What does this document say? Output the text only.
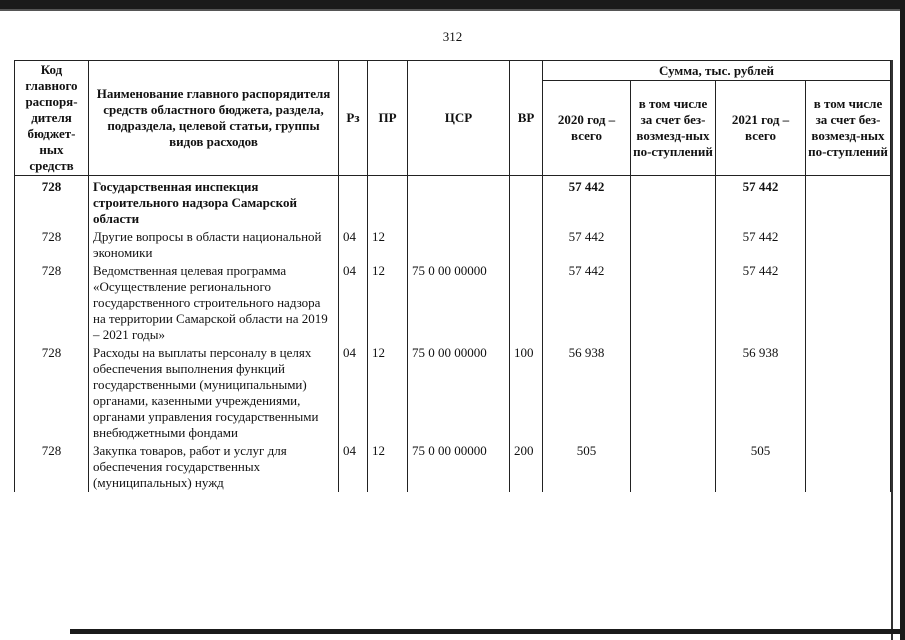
312
Код главного распоря-дителя бюджет-ных средств	Наименование главного распорядителя средств областного бюджета, раздела, подраздела, целевой статьи, группы видов расходов	Рз	ПР	ЦСР	ВР	Сумма, тыс. рублей			
						2020 год – всего	в том числе за счет без-возмезд-ных по-ступлений	2021 год – всего	в том числе за счет без-возмезд-ных по-ступлений
728	Государственная инспекция строительного надзора Самарской области					57 442		57 442	
728	Другие вопросы в области национальной экономики	04	12			57 442		57 442	
728	Ведомственная целевая программа «Осуществление регионального государственного строительного надзора на территории Самарской области на 2019 – 2021 годы»	04	12	75 0 00 00000		57 442		57 442	
728	Расходы на выплаты персоналу в целях обеспечения выполнения функций государственными (муниципальными) органами, казенными учреждениями, органами управления государственными внебюджетными фондами	04	12	75 0 00 00000	100	56 938		56 938	
728	Закупка товаров, работ и услуг для обеспечения государственных (муниципальных) нужд	04	12	75 0 00 00000	200	505		505	
